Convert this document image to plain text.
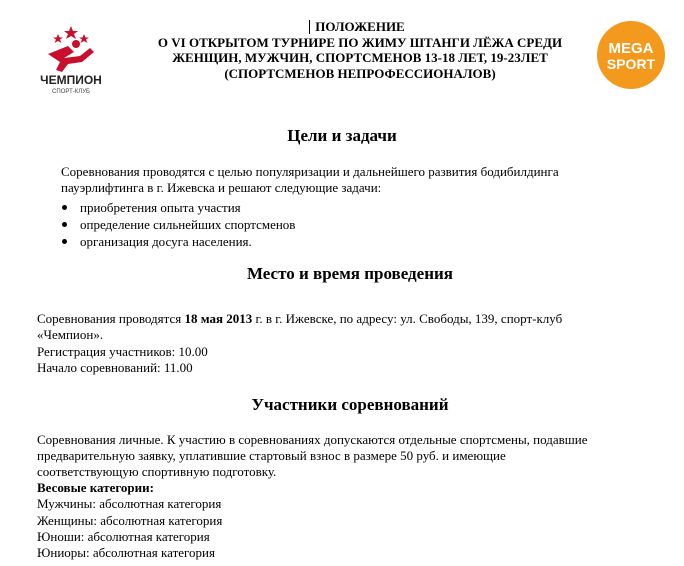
ЧЕМПИОН
СПОРТ-КЛУБ
MEGA
SPORT
ПОЛОЖЕНИЕ
О VI ОТКРЫТОМ ТУРНИРЕ ПО ЖИМУ ШТАНГИ ЛЁЖА СРЕДИ
ЖЕНЩИН, МУЖЧИН, СПОРТСМЕНОВ 13-18 ЛЕТ, 19-23ЛЕТ
(СПОРТСМЕНОВ НЕПРОФЕССИОНАЛОВ)
Цели и задачи
Соревнования проводятся с целью популяризации и дальнейшего развития бодибилдинга
пауэрлифтинга в г. Ижевска и решают следующие задачи:
приобретения опыта участия
определение сильнейших спортсменов
организация досуга населения.
Место и время проведения
Соревнования проводятся 18 мая 2013 г. в г. Ижевске, по адресу: ул. Свободы, 139, спорт-клуб
«Чемпион».
Регистрация участников: 10.00
Начало соревнований: 11.00
Участники соревнований
Соревнования личные. К участию в соревнованиях допускаются отдельные спортсмены, подавшие
предварительную заявку, уплатившие стартовый взнос в размере 50 руб. и имеющие
соответствующую спортивную подготовку.
Весовые категории:
Мужчины: абсолютная категория
Женщины: абсолютная категория
Юноши: абсолютная категория
Юниоры: абсолютная категория
